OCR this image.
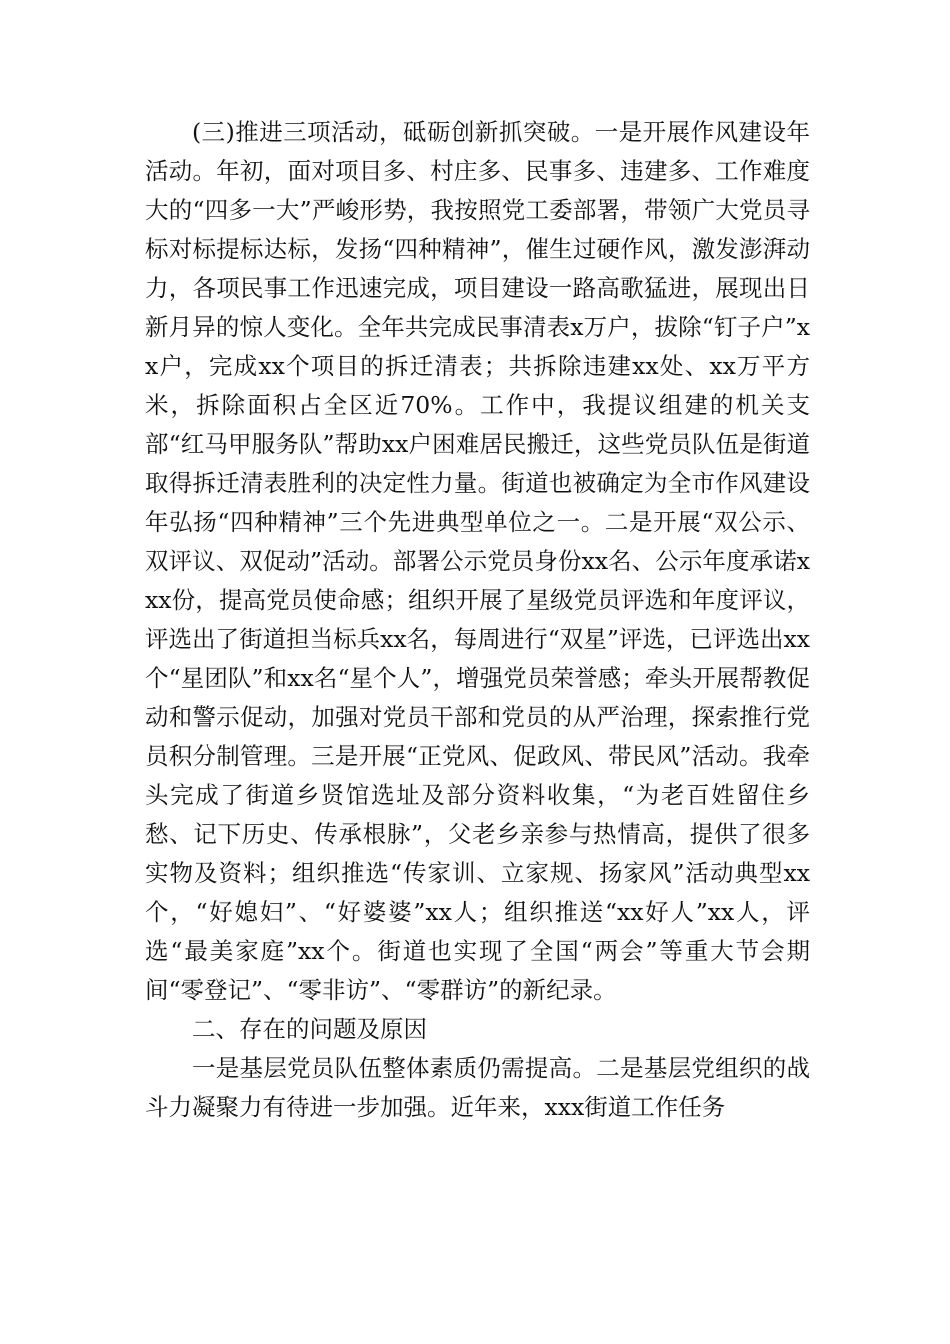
(三)推进三项活动，砥砺创新抓突破。一是开展作风建设年活动。年初，面对项目多、村庄多、民事多、违建多、工作难度大的“四多一大”严峻形势，我按照党工委部署，带领广大党员寻标对标提标达标，发扬“四种精神”，催生过硬作风，激发澎湃动力，各项民事工作迅速完成，项目建设一路高歌猛进，展现出日新月异的惊人变化。全年共完成民事清表x万户，拔除“钉子户”xx户，完成xx个项目的拆迁清表；共拆除违建xx处、xx万平方米，拆除面积占全区近70%。工作中，我提议组建的机关支部“红马甲服务队”帮助xx户困难居民搬迁，这些党员队伍是街道取得拆迁清表胜利的决定性力量。街道也被确定为全市作风建设年弘扬“四种精神”三个先进典型单位之一。二是开展“双公示、双评议、双促动”活动。部署公示党员身份xx名、公示年度承诺xxx份，提高党员使命感；组织开展了星级党员评选和年度评议，评选出了街道担当标兵xx名，每周进行“双星”评选，已评选出xx个“星团队”和xx名“星个人”，增强党员荣誉感；牵头开展帮教促动和警示促动，加强对党员干部和党员的从严治理，探索推行党员积分制管理。三是开展“正党风、促政风、带民风”活动。我牵头完成了街道乡贤馆选址及部分资料收集，“为老百姓留住乡愁、记下历史、传承根脉”，父老乡亲参与热情高，提供了很多实物及资料；组织推选“传家训、立家规、扬家风”活动典型xx个，“好媳妇”、“好婆婆”xx人；组织推送“xx好人”xx人，评选“最美家庭”xx个。街道也实现了全国“两会”等重大节会期间“零登记”、“零非访”、“零群访”的新纪录。

二、存在的问题及原因

一是基层党员队伍整体素质仍需提高。二是基层党组织的战斗力凝聚力有待进一步加强。近年来，xxx街道工作任务
